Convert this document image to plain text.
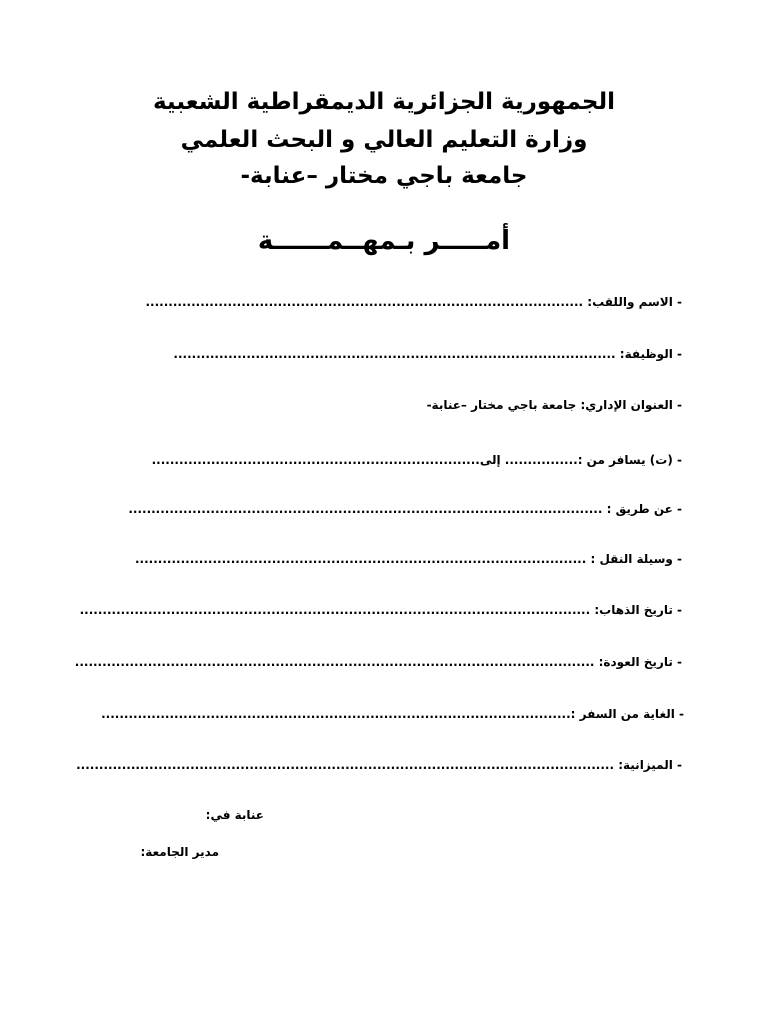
الجمهورية الجزائرية الديمقراطية الشعبية
وزارة التعليم العالي و البحث العلمي
جامعة باجي مختار –عنابة-
أمـــــر بـمهــمــــــة
- الاسم واللقب: ................................................................................................
- الوظيفة: .................................................................................................
- العنوان الإداري: جامعة باجي مختار –عنابة-
- (ت) يسافر من :................ إلى........................................................................
- عن طريق : ........................................................................................................
- وسيلة النقل : ...................................................................................................
- تاريخ الذهاب: ................................................................................................................
- تاريخ العودة: ..................................................................................................................
- الغاية من السفر :.......................................................................................................
- الميزانية: ......................................................................................................................
عنابة في:
مدير الجامعة:
